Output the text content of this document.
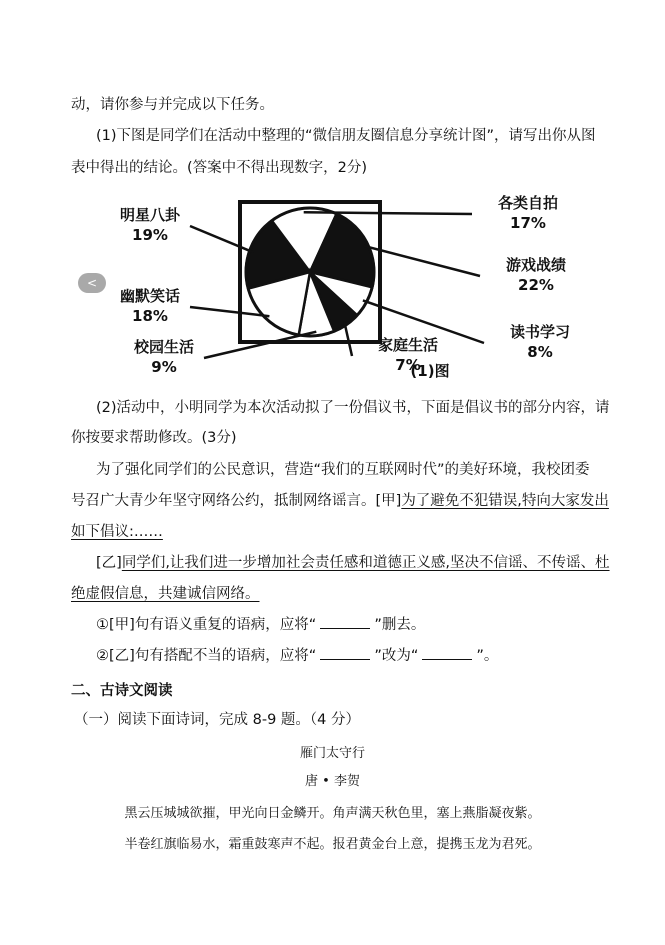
动，请你参与并完成以下任务。
(1)下图是同学们在活动中整理的“微信朋友圈信息分享统计图”，请写出你从图
表中得出的结论。(答案中不得出现数字，2分)
明星八卦
19%
各类自拍
17%
游戏战绩
22%
读书学习
8%
家庭生活
7%
校园生活
9%
幽默笑话
18%
(1)图
<
(2)活动中，小明同学为本次活动拟了一份倡议书，下面是倡议书的部分内容，请
你按要求帮助修改。(3分)
为了强化同学们的公民意识，营造“我们的互联网时代”的美好环境，我校团委
号召广大青少年坚守网络公约，抵制网络谣言。[甲]为了避免不犯错误,特向大家发出
如下倡议:……
[乙]同学们,让我们进一步增加社会责任感和道德正义感,坚决不信谣、不传谣、杜
绝虚假信息，共建诚信网络。
①[甲]句有语义重复的语病，应将“	”删去。
②[乙]句有搭配不当的语病，应将“	”改为“	”。
二、古诗文阅读
（一）阅读下面诗词，完成 8-9 题。（4 分）
雁门太守行
唐 • 李贺
黑云压城城欲摧，甲光向日金鳞开。角声满天秋色里，塞上燕脂凝夜紫。
半卷红旗临易水，霜重鼓寒声不起。报君黄金台上意，提携玉龙为君死。
